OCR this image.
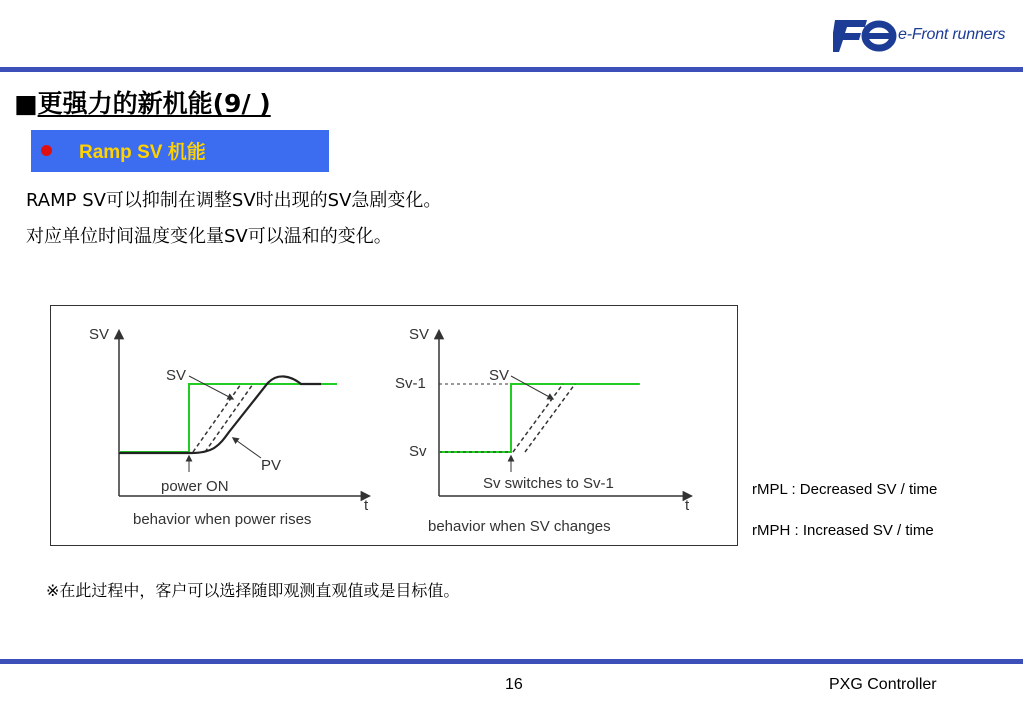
e-Front runners
■更强力的新机能(9/ )
Ramp SV 机能
RAMP SV可以抑制在调整SV时出现的SV急剧变化。
对应单位时间温度变化量SV可以温和的变化。
SV
t
SV
PV
power ON
behavior when power rises
SV
t
Sv-1
Sv
SV
Sv switches to Sv-1
behavior when SV changes
rMPL : Decreased SV / time
rMPH : Increased SV / time
※在此过程中，客户可以选择随即观测直观值或是目标值。
16	PXG Controller
